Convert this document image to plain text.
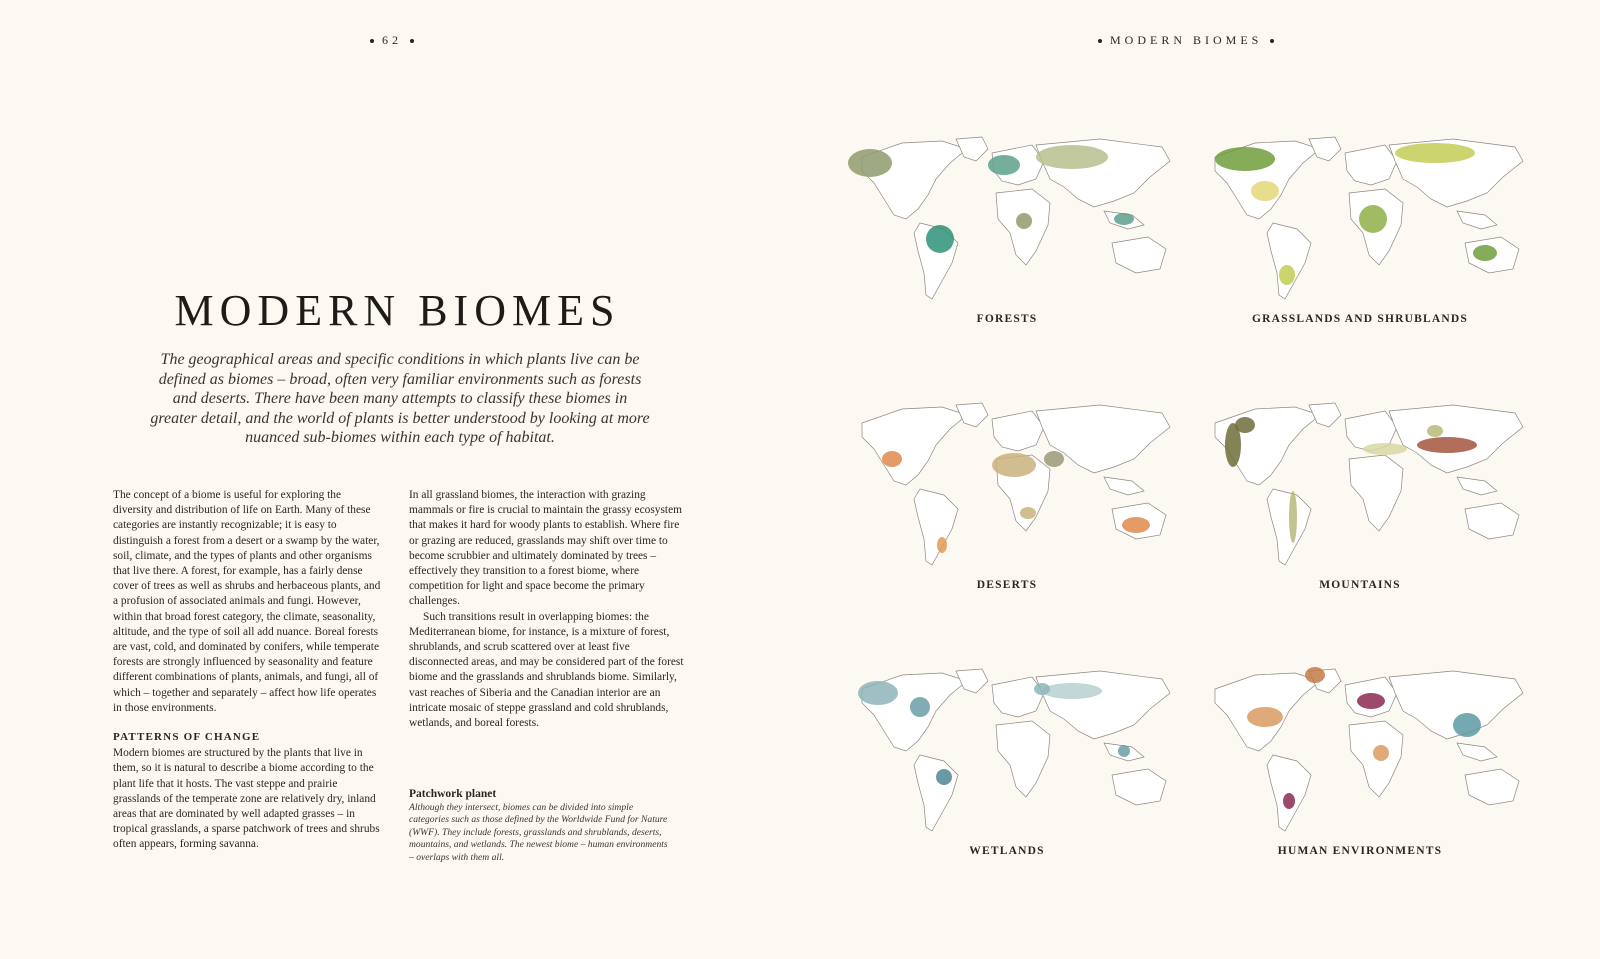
62	MODERN BIOMES
MODERN BIOMES

The geographical areas and specific conditions in which plants live can be defined as biomes – broad, often very familiar environments such as forests and deserts. There have been many attempts to classify these biomes in greater detail, and the world of plants is better understood by looking at more nuanced sub-biomes within each type of habitat.

The concept of a biome is useful for exploring the diversity and distribution of life on Earth. Many of these categories are instantly recognizable; it is easy to distinguish a forest from a desert or a swamp by the water, soil, climate, and the types of plants and other organisms that live there. A forest, for example, has a fairly dense cover of trees as well as shrubs and herbaceous plants, and a profusion of associated animals and fungi. However, within that broad forest category, the climate, seasonality, altitude, and the type of soil all add nuance. Boreal forests are vast, cold, and dominated by conifers, while temperate forests are strongly influenced by seasonality and feature different combinations of plants, animals, and fungi, all of which – together and separately – affect how life operates in those environments.

PATTERNS OF CHANGE

Modern biomes are structured by the plants that live in them, so it is natural to describe a biome according to the plant life that it hosts. The vast steppe and prairie grasslands of the temperate zone are relatively dry, inland areas that are dominated by well adapted grasses – in tropical grasslands, a sparse patchwork of trees and shrubs often appears, forming savanna.

In all grassland biomes, the interaction with grazing mammals or fire is crucial to maintain the grassy ecosystem that makes it hard for woody plants to establish. Where fire or grazing are reduced, grasslands may shift over time to become scrubbier and ultimately dominated by trees – effectively they transition to a forest biome, where competition for light and space become the primary challenges.

Such transitions result in overlapping biomes: the Mediterranean biome, for instance, is a mixture of forest, shrublands, and scrub scattered over at least five disconnected areas, and may be considered part of the forest biome and the grasslands and shrublands biome. Similarly, vast reaches of Siberia and the Canadian interior are an intricate mosaic of steppe grassland and cold shrublands, wetlands, and boreal forests.

Patchwork planet

Although they intersect, biomes can be divided into simple categories such as those defined by the Worldwide Fund for Nature (WWF). They include forests, grasslands and shrublands, deserts, mountains, and wetlands. The newest biome – human environments – overlaps with them all.

FORESTS	GRASSLANDS AND SHRUBLANDS
DESERTS	MOUNTAINS
WETLANDS	HUMAN ENVIRONMENTS
